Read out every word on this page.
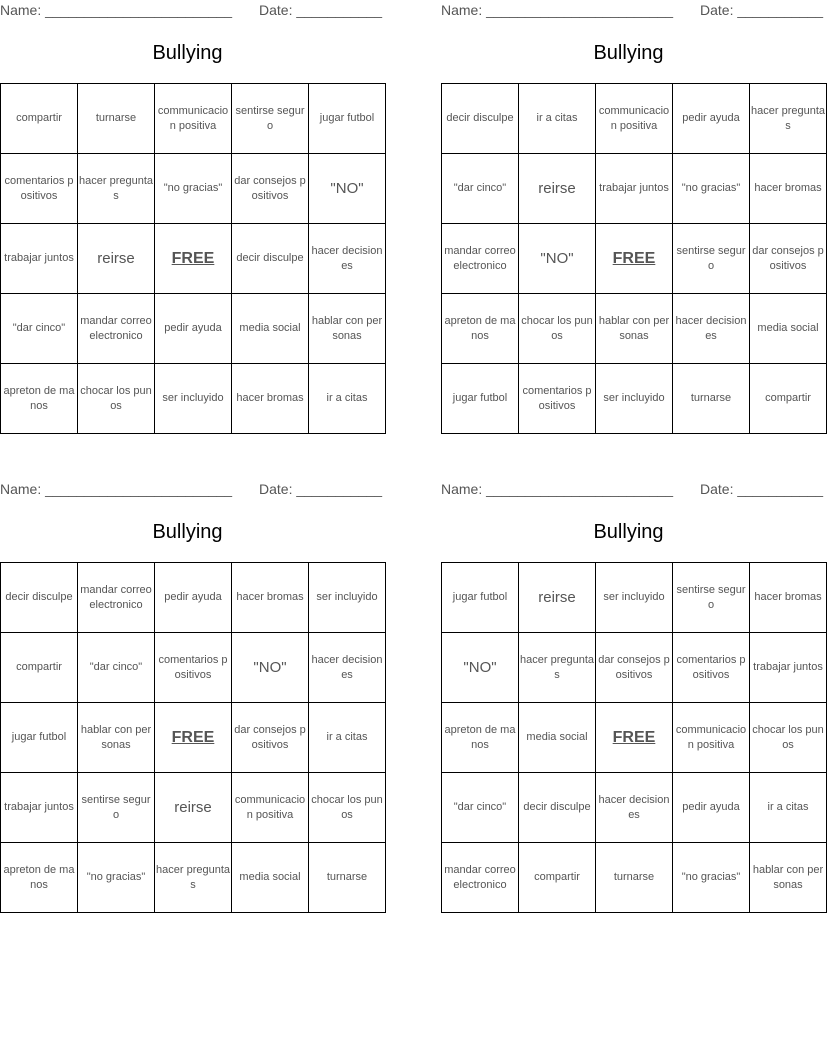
Name: ________________________ Date: ___________
Bullying
compartir	turnarse	communicacion positiva	sentirse seguro	jugar futbol
comentarios positivos	hacer preguntas	"no gracias"	dar consejos positivos	"NO"
trabajar juntos	reirse	FREE	decir disculpe	hacer decisiones
"dar cinco"	mandar correo electronico	pedir ayuda	media social	hablar con personas
apreton de manos	chocar los punos	ser incluyido	hacer bromas	ir a citas
Name: ________________________ Date: ___________
Bullying
decir disculpe	ir a citas	communicacion positiva	pedir ayuda	hacer preguntas
"dar cinco"	reirse	trabajar juntos	"no gracias"	hacer bromas
mandar correo electronico	"NO"	FREE	sentirse seguro	dar consejos positivos
apreton de manos	chocar los punos	hablar con personas	hacer decisiones	media social
jugar futbol	comentarios positivos	ser incluyido	turnarse	compartir
Name: ________________________ Date: ___________
Bullying
decir disculpe	mandar correo electronico	pedir ayuda	hacer bromas	ser incluyido
compartir	"dar cinco"	comentarios positivos	"NO"	hacer decisiones
jugar futbol	hablar con personas	FREE	dar consejos positivos	ir a citas
trabajar juntos	sentirse seguro	reirse	communicacion positiva	chocar los punos
apreton de manos	"no gracias"	hacer preguntas	media social	turnarse
Name: ________________________ Date: ___________
Bullying
jugar futbol	reirse	ser incluyido	sentirse seguro	hacer bromas
"NO"	hacer preguntas	dar consejos positivos	comentarios positivos	trabajar juntos
apreton de manos	media social	FREE	communicacion positiva	chocar los punos
"dar cinco"	decir disculpe	hacer decisiones	pedir ayuda	ir a citas
mandar correo electronico	compartir	turnarse	"no gracias"	hablar con personas
